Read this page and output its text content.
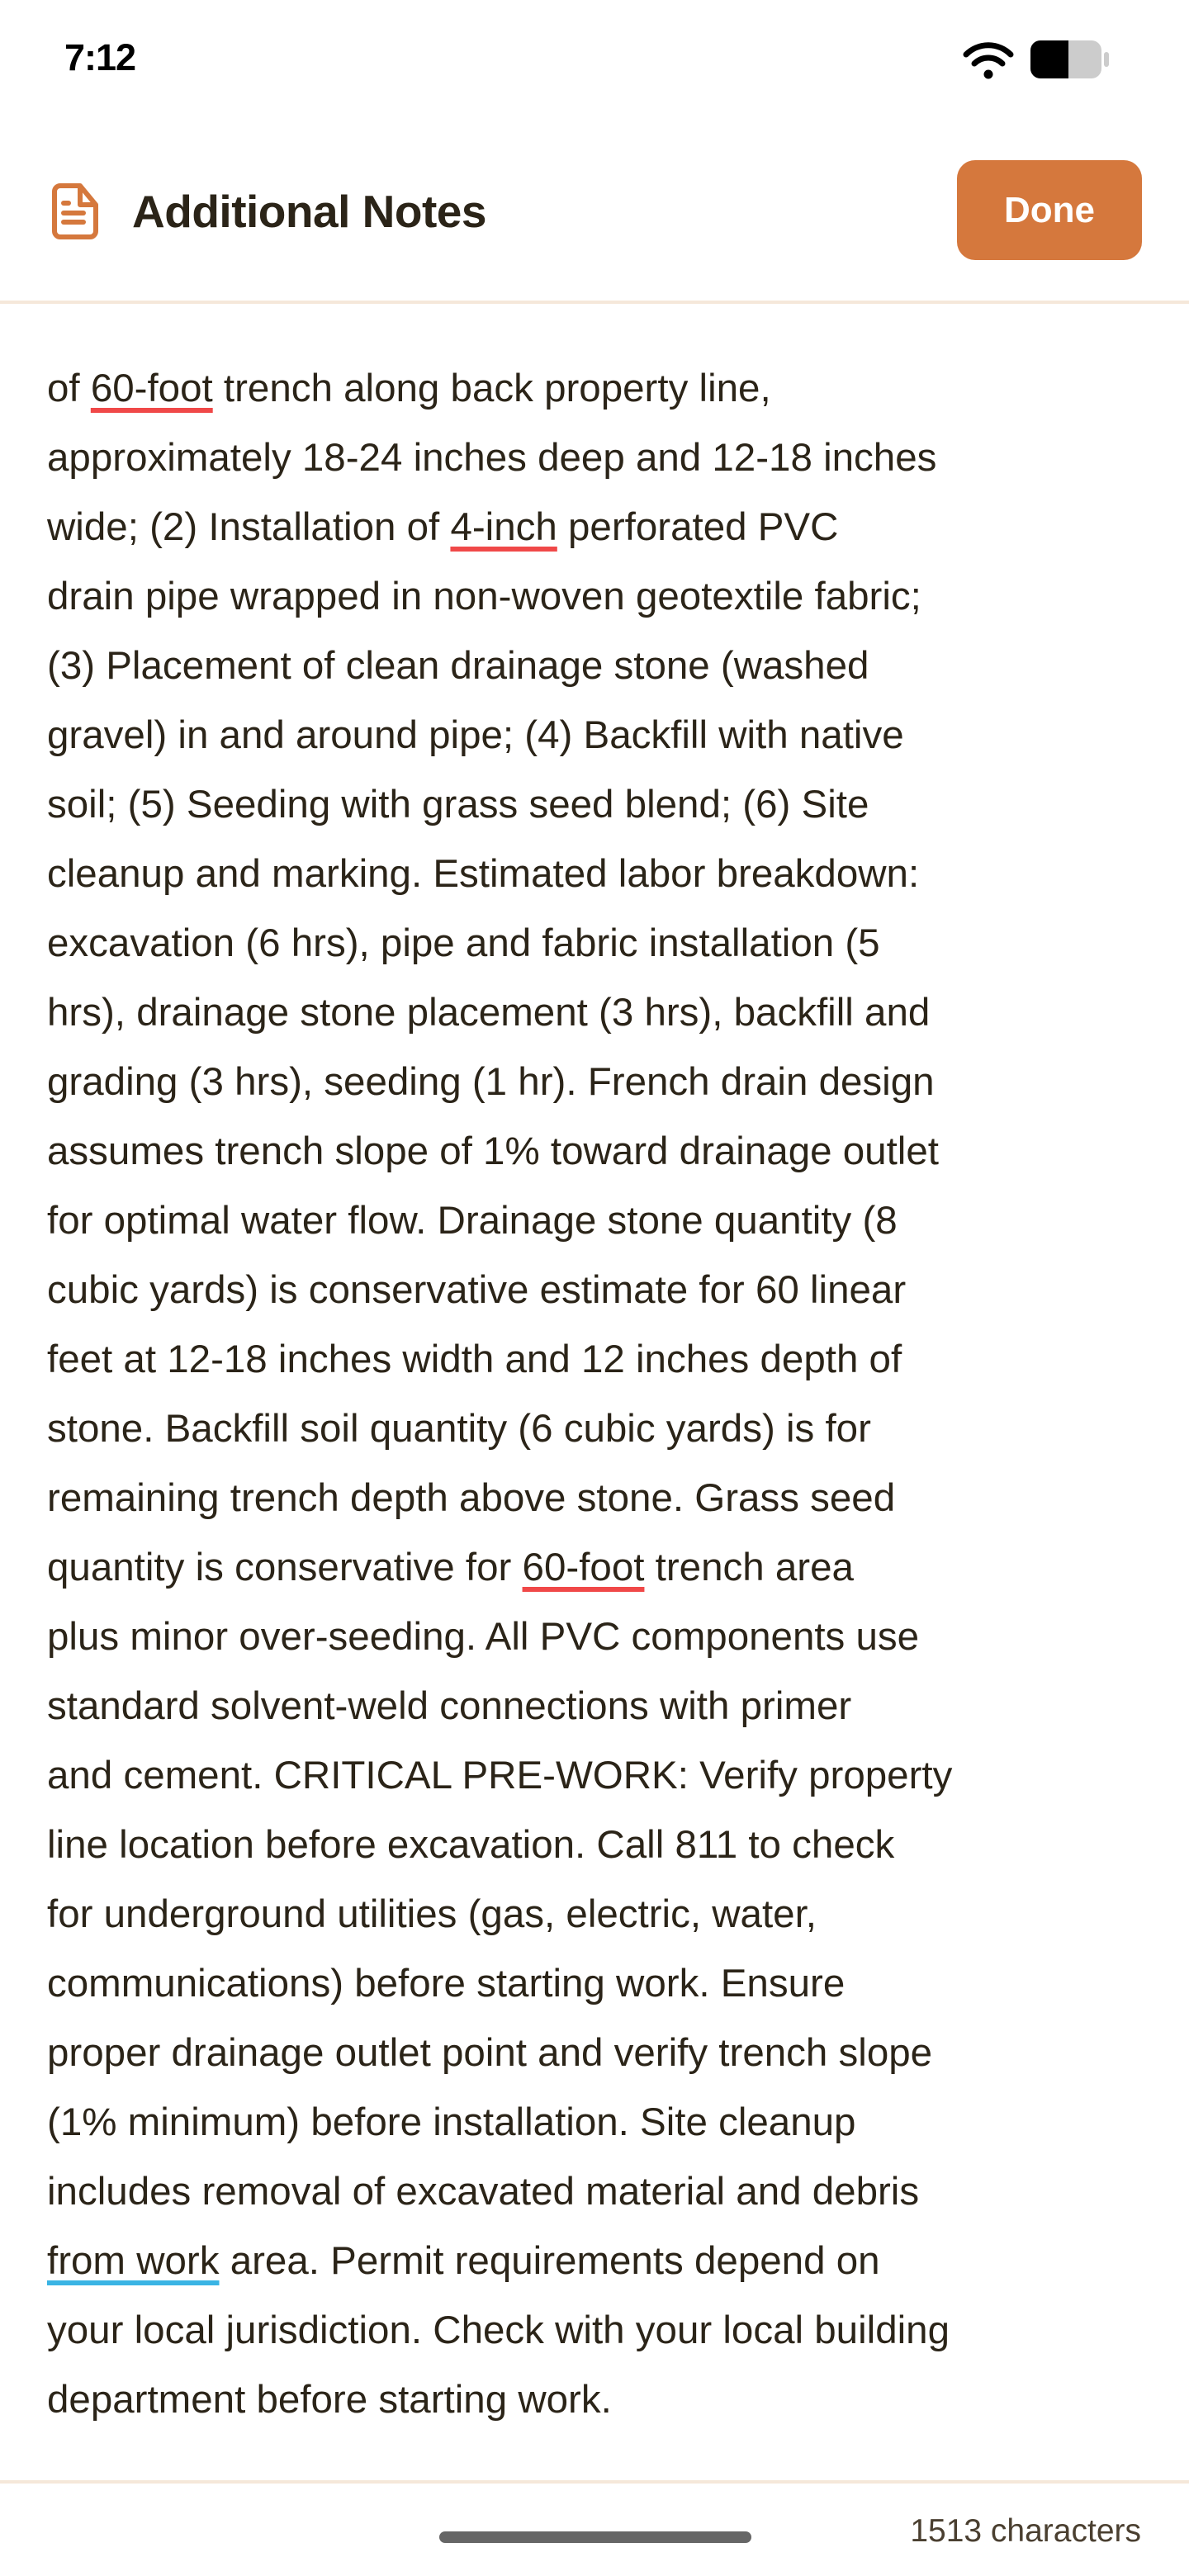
7:12
Additional Notes	Done
of 60-foot trench along back property line,
approximately 18-24 inches deep and 12-18 inches
wide; (2) Installation of 4-inch perforated PVC
drain pipe wrapped in non-woven geotextile fabric;
(3) Placement of clean drainage stone (washed
gravel) in and around pipe; (4) Backfill with native
soil; (5) Seeding with grass seed blend; (6) Site
cleanup and marking. Estimated labor breakdown:
excavation (6 hrs), pipe and fabric installation (5
hrs), drainage stone placement (3 hrs), backfill and
grading (3 hrs), seeding (1 hr). French drain design
assumes trench slope of 1% toward drainage outlet
for optimal water flow. Drainage stone quantity (8
cubic yards) is conservative estimate for 60 linear
feet at 12-18 inches width and 12 inches depth of
stone. Backfill soil quantity (6 cubic yards) is for
remaining trench depth above stone. Grass seed
quantity is conservative for 60-foot trench area
plus minor over-seeding. All PVC components use
standard solvent-weld connections with primer
and cement. CRITICAL PRE-WORK: Verify property
line location before excavation. Call 811 to check
for underground utilities (gas, electric, water,
communications) before starting work. Ensure
proper drainage outlet point and verify trench slope
(1% minimum) before installation. Site cleanup
includes removal of excavated material and debris
from work area. Permit requirements depend on
your local jurisdiction. Check with your local building
department before starting work.
1513 characters
